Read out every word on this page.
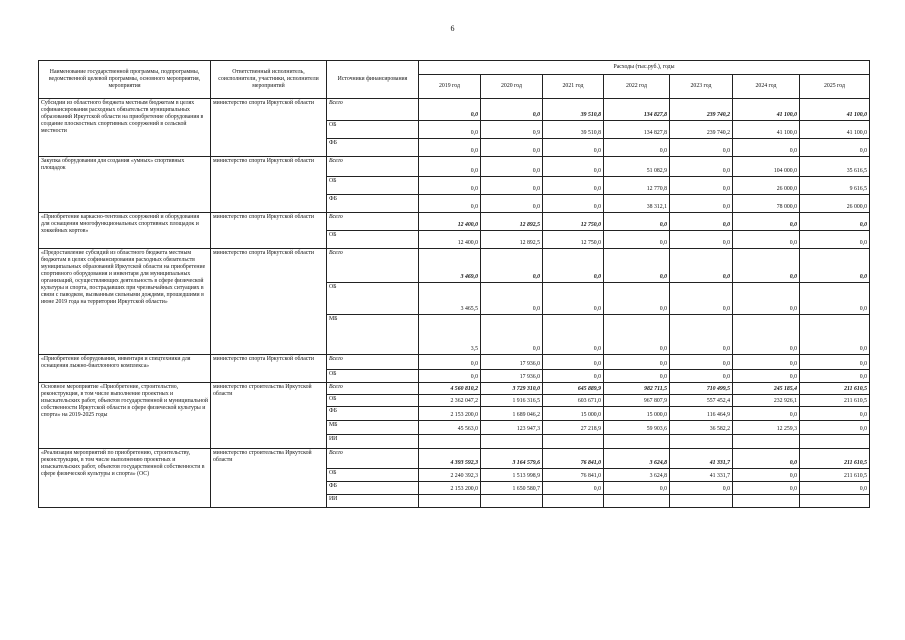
6
Наименование государственной программы, подпрограммы, ведомственной целевой программы, основного мероприятия, мероприятия	Ответственный исполнитель, соисполнители, участники, исполнители мероприятий	Источники финансирования	Расходы (тыс.руб.), годы						
			2019 год	2020 год	2021 год	2022 год	2023 год	2024 год	2025 год
Субсидии из областного бюджета местным бюджетам в целях софинансирования расходных обязательств муниципальных образований Иркутской области на приобретение оборудования в создание плоскостных спортивных сооружений в сельской местности	министерство спорта Иркутской области	Всего	0,0	0,0	39 510,8	134 827,8	239 740,2	41 100,0	41 100,0
		ОБ	0,0	0,9	39 510,8	134 827,8	239 740,2	41 100,0	41 100,0
		ФБ	0,0	0,0	0,0	0,0	0,0	0,0	0,0
Закупка оборудования для создания «умных» спортивных площадок	министерство спорта Иркутской области	Всего	0,0	0,0	0,0	51 082,9	0,0	104 000,0	35 616,5
		ОБ	0,0	0,0	0,0	12 770,8	0,0	26 000,0	9 616,5
		ФБ	0,0	0,0	0,0	38 312,1	0,0	78 000,0	26 000,0
«Приобретение каркасно-тентовых сооружений и оборудования для оснащения многофункциональных спортивных площадок и хоккейных кортов»	министерство спорта Иркутской области	Всего	12 400,0	12 892,5	12 750,0	0,0	0,0	0,0	0,0
		ОБ	12 400,0	12 892,5	12 750,0	0,0	0,0	0,0	0,0
«Предоставление субсидий из областного бюджета местным бюджетам в целях софинансирования расходных обязательств муниципальных образований Иркутской области на приобретение спортивного оборудования и инвентаря для муниципальных организаций, осуществляющих деятельность в сфере физической культуры и спорта, пострадавших при чрезвычайных ситуациях в связи с паводком, вызванным сильными дождями, прошедшими в июне 2019 года на территории Иркутской области»	министерство спорта Иркутской области	Всего	3 469,0	0,0	0,0	0,0	0,0	0,0	0,0
		ОБ	3 465,5	0,0	0,0	0,0	0,0	0,0	0,0
		МБ	3,5	0,0	0,0	0,0	0,0	0,0	0,0
«Приобретение оборудования, инвентаря и спецтехники для оснащения лыжно-биатлонного комплекса»	министерство спорта Иркутской области	Всего	0,0	17 936,0	0,0	0,0	0,0	0,0	0,0
		ОБ	0,0	17 936,0	0,0	0,0	0,0	0,0	0,0
Основное мероприятие «Приобретение, строительство, реконструкция, в том числе выполнение проектных и изыскательских работ, объектов государственной и муниципальной собственности Иркутской области в сфере физической культуры и спорта» на 2019-2025 годы	министерство строительства Иркутской области	Всего	4 560 810,2	3 729 310,0	645 889,9	982 711,5	710 499,5	245 185,4	211 610,5
		ОБ	2 362 047,2	1 916 316,5	603 671,0	967 807,9	557 452,4	232 926,1	211 610,5
		ФБ	2 153 200,0	1 689 046,2	15 000,0	15 000,0	116 464,9	0,0	0,0
		МБ	45 563,0	123 947,3	27 218,9	59 903,6	36 582,2	12 259,3	0,0
		ИИ							
«Реализация мероприятий по приобретению, строительству, реконструкции, в том числе выполнению проектных и изыскательских работ, объектов государственной собственности в сфере физической культуры и спорта» (ОС)	министерство строительства Иркутской области	Всего	4 393 592,3	3 164 579,6	76 841,0	3 624,8	41 331,7	0,0	211 610,5
		ОБ	2 240 392,3	1 513 998,9	76 841,0	3 624,8	41 331,7	0,0	211 610,5
		ФБ	2 153 200,0	1 650 580,7	0,0	0,0	0,0	0,0	0,0
		ИИ							
